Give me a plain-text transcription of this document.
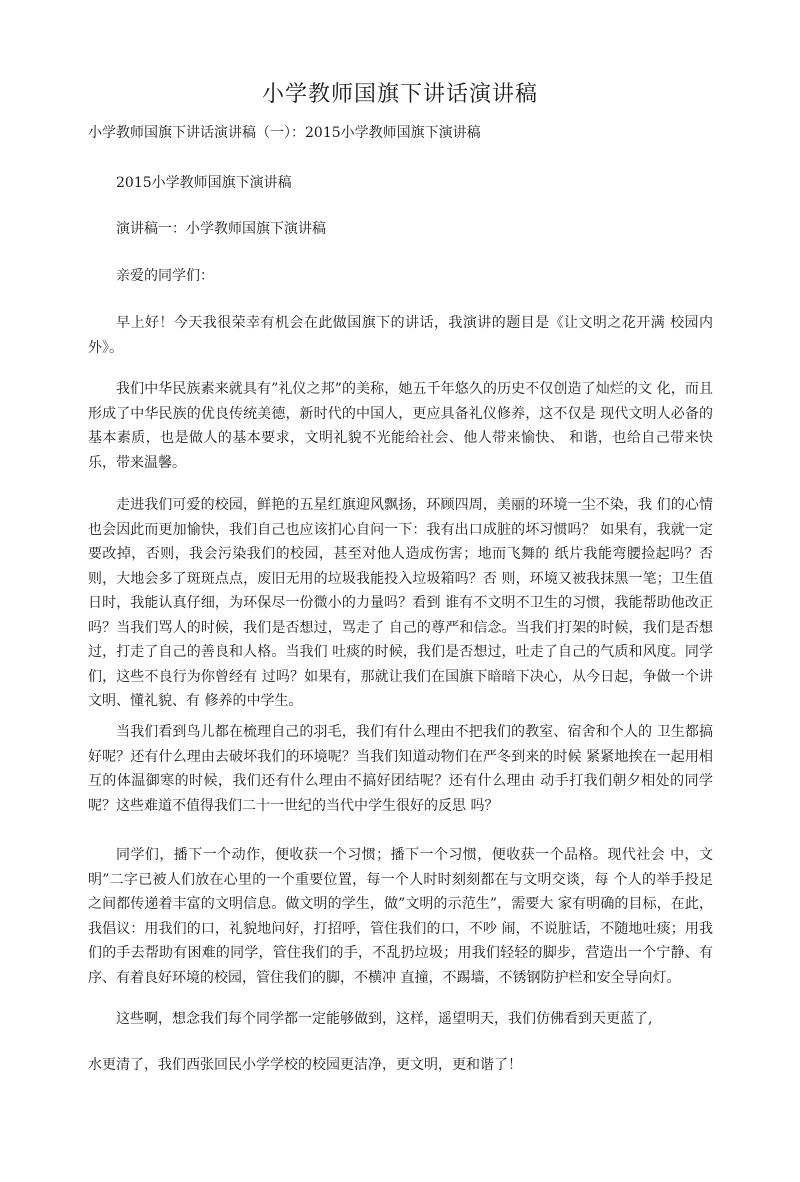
小学教师国旗下讲话演讲稿

小学教师国旗下讲话演讲稿（一）：2015小学教师国旗下演讲稿

2015小学教师国旗下演讲稿

演讲稿一：小学教师国旗下演讲稿

亲爱的同学们：

早上好！今天我很荣幸有机会在此做国旗下的讲话，我演讲的题目是《让文明之花开满 校园内外》。

我们中华民族素来就具有”礼仪之邦”的美称，她五千年悠久的历史不仅创造了灿烂的文 化，而且形成了中华民族的优良传统美德，新时代的中国人，更应具备礼仪修养，这不仅是 现代文明人必备的基本素质，也是做人的基本要求，文明礼貌不光能给社会、他人带来愉快、 和谐，也给自己带来快乐，带来温馨。

走进我们可爱的校园，鲜艳的五星红旗迎风飘扬，环顾四周，美丽的环境一尘不染，我 们的心情也会因此而更加愉快，我们自己也应该扪心自问一下：我有出口成脏的坏习惯吗？ 如果有，我就一定要改掉，否则，我会污染我们的校园，甚至对他人造成伤害；地而飞舞的 纸片我能弯腰捡起吗？否则，大地会多了斑斑点点，废旧无用的垃圾我能投入垃圾箱吗？否 则，环境又被我抹黑一笔；卫生值日时，我能认真仔细，为环保尽一份微小的力量吗？看到 谁有不文明不卫生的习惯，我能帮助他改正吗？当我们骂人的时候，我们是否想过，骂走了 自己的尊严和信念。当我们打架的时候，我们是否想过，打走了自己的善良和人格。当我们 吐痰的时候，我们是否想过，吐走了自己的气质和风度。同学们，这些不良行为你曾经有 过吗？如果有，那就让我们在国旗下暗暗下决心，从今日起，争做一个讲文明、懂礼貌、有 修养的中学生。

当我们看到鸟儿都在梳理自己的羽毛，我们有什么理由不把我们的教室、宿舍和个人的 卫生都搞好呢？还有什么理由去破坏我们的环境呢？当我们知道动物们在严冬到来的时候 紧紧地挨在一起用相互的体温御寒的时候，我们还有什么理由不搞好团结呢？还有什么理由 动手打我们朝夕相处的同学呢？这些难道不值得我们二十一世纪的当代中学生很好的反思 吗？

同学们，播下一个动作，便收获一个习惯；播下一个习惯，便收获一个品格。现代社会 中，文明”二字已被人们放在心里的一个重要位置，每一个人时时刻刻都在与文明交谈，每 个人的举手投足之间都传递着丰富的文明信息。做文明的学生，做”文明的示范生”，需要大 家有明确的目标，在此，我倡议：用我们的口，礼貌地问好，打招呼，管住我们的口，不吵 闹，不说脏话，不随地吐痰；用我们的手去帮助有困难的同学，管住我们的手，不乱扔垃圾；用我们轻轻的脚步，营造出一个宁静、有序、有着良好环境的校园，管住我们的脚，不横冲 直撞，不踢墙，不锈钢防护栏和安全导向灯。

这些啊，想念我们每个同学都一定能够做到，这样，遥望明天，我们仿佛看到天更蓝了,

水更清了，我们西张回民小学学校的校园更洁净，更文明，更和谐了！
